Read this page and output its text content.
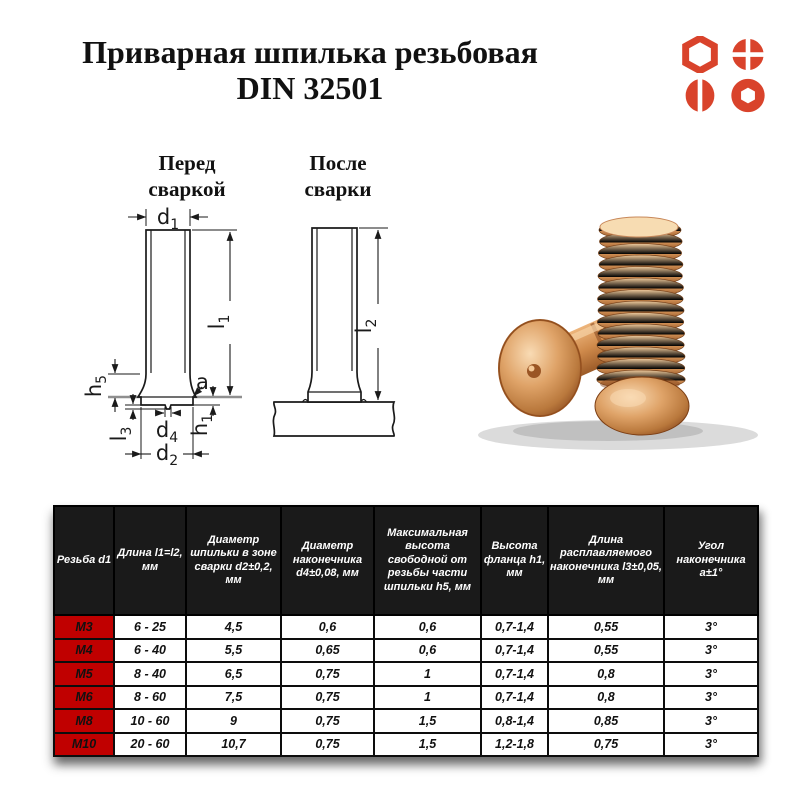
Приварная шпилька резьбовая
DIN 32501
Перед
сваркой
После
сварки
$d_1$
$l_1$
$h_5$	a
$h_1$
$l_3$ $d_4$
$d_2$
$l_2$
Резьба d1	Длина l1=l2, мм	Диаметр шпильки в зоне сварки d2±0,2, мм	Диаметр наконечника d4±0,08, мм	Максимальная высота свободной от резьбы части шпильки h5, мм	Высота фланца h1, мм	Длина расплавляемого наконечника l3±0,05, мм	Угол наконечника a±1°
M3	6 - 25	4,5	0,6	0,6	0,7-1,4	0,55	3°
M4	6 - 40	5,5	0,65	0,6	0,7-1,4	0,55	3°
M5	8 - 40	6,5	0,75	1	0,7-1,4	0,8	3°
M6	8 - 60	7,5	0,75	1	0,7-1,4	0,8	3°
M8	10 - 60	9	0,75	1,5	0,8-1,4	0,85	3°
M10	20 - 60	10,7	0,75	1,5	1,2-1,8	0,75	3°
